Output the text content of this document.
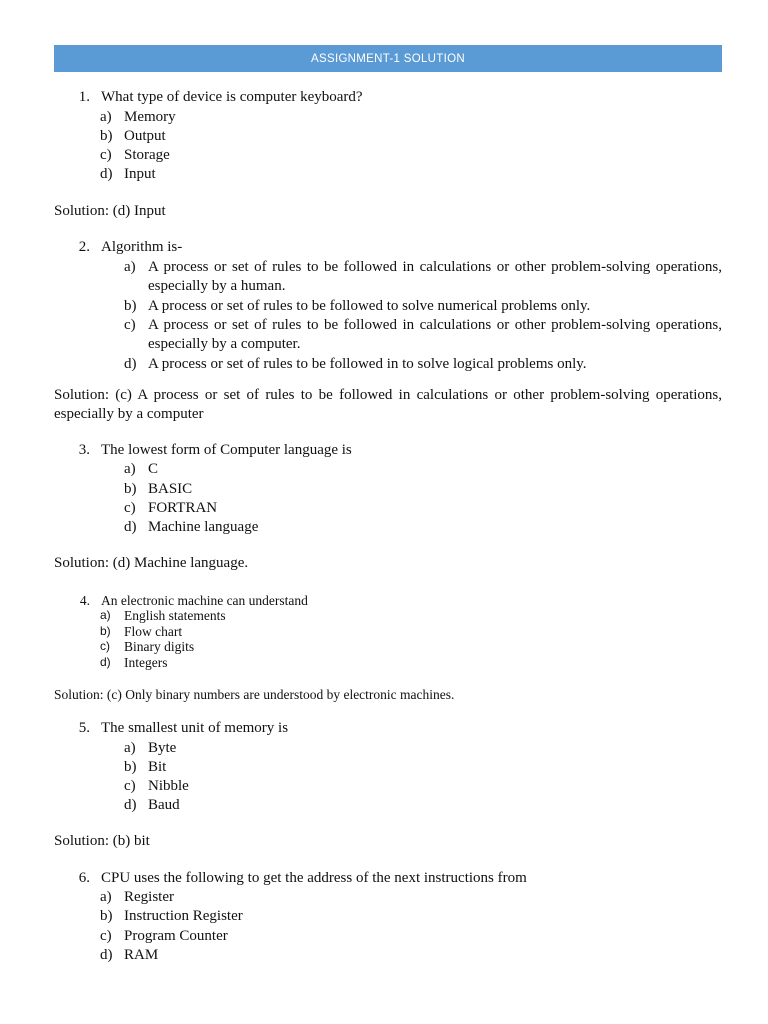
ASSIGNMENT-1 SOLUTION
1. What type of device is computer keyboard?
a) Memory
b) Output
c) Storage
d) Input
Solution: (d) Input
2. Algorithm is-
a) A process or set of rules to be followed in calculations or other problem-solving operations,
especially by a human.
b) A process or set of rules to be followed to solve numerical problems only.
c) A process or set of rules to be followed in calculations or other problem-solving operations,
especially by a computer.
d) A process or set of rules to be followed in to solve logical problems only.
Solution: (c) A process or set of rules to be followed in calculations or other problem-solving operations,
especially by a computer
3. The lowest form of Computer language is
a) C
b) BASIC
c) FORTRAN
d) Machine language
Solution: (d) Machine language.
4. An electronic machine can understand
a) English statements
b) Flow chart
c) Binary digits
d) Integers
Solution: (c) Only binary numbers are understood by electronic machines.
5. The smallest unit of memory is
a) Byte
b) Bit
c) Nibble
d) Baud
Solution: (b) bit
6. CPU uses the following to get the address of the next instructions from
a) Register
b) Instruction Register
c) Program Counter
d) RAM
